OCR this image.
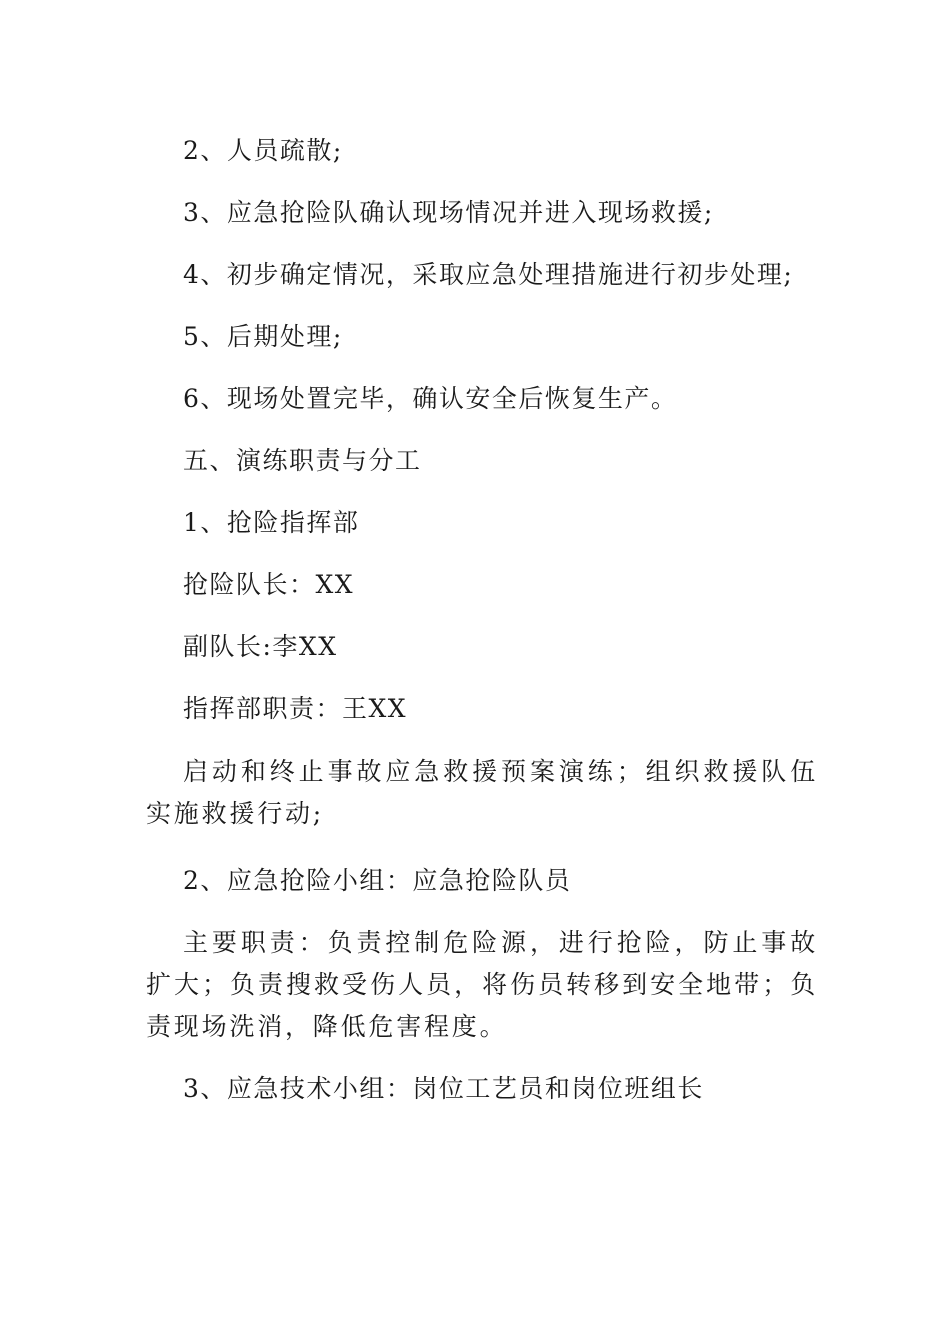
2、人员疏散;
3、应急抢险队确认现场情况并进入现场救援;
4、初步确定情况，采取应急处理措施进行初步处理;
5、后期处理;
6、现场处置完毕，确认安全后恢复生产。
五、演练职责与分工
1、抢险指挥部
抢险队长：XX
副队长:李XX
指挥部职责：王XX
启动和终止事故应急救援预案演练；组织救援队伍实施救援行动;
2、应急抢险小组：应急抢险队员
主要职责：负责控制危险源，进行抢险，防止事故扩大；负责搜救受伤人员，将伤员转移到安全地带；负责现场洗消，降低危害程度。
3、应急技术小组：岗位工艺员和岗位班组长
